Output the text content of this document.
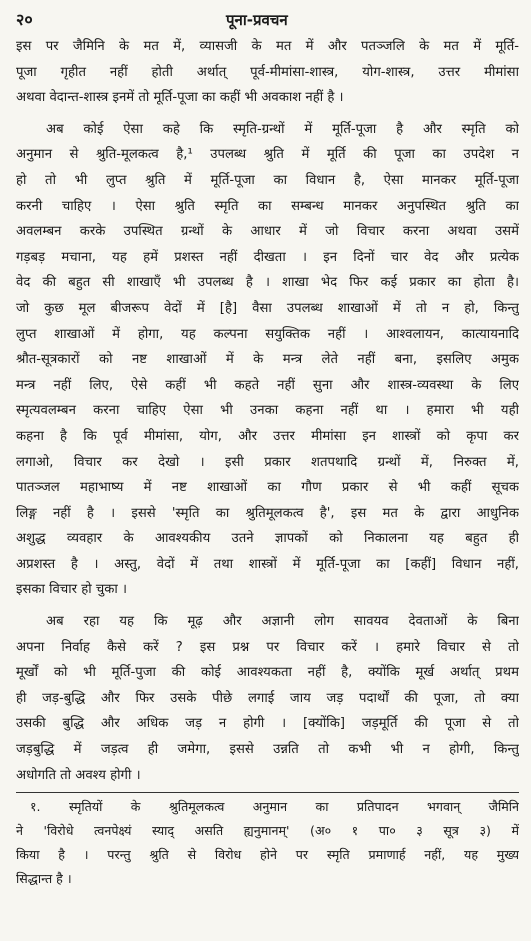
२०	पूना-प्रवचन
इस पर जैमिनि के मत में, व्यासजी के मत में और पतञ्जलि के मत में मूर्ति-
पूजा गृहीत नहीं होती अर्थात् पूर्व-मीमांसा-शास्त्र, योग-शास्त्र, उत्तर मीमांसा
अथवा वेदान्त-शास्त्र इनमें तो मूर्ति-पूजा का कहीं भी अवकाश नहीं है ।
अब कोई ऐसा कहे कि स्मृति-ग्रन्थों में मूर्ति-पूजा है और स्मृति को
अनुमान से श्रुति-मूलकत्व है,¹ उपलब्ध श्रुति में मूर्ति की पूजा का उपदेश न
हो तो भी लुप्त श्रुति में मूर्ति-पूजा का विधान है, ऐसा मानकर मूर्ति-पूजा
करनी चाहिए । ऐसा श्रुति स्मृति का सम्बन्ध मानकर अनुपस्थित श्रुति का
अवलम्बन करके उपस्थित ग्रन्थों के आधार में जो विचार करना अथवा उसमें
गड़बड़ मचाना, यह हमें प्रशस्त नहीं दीखता । इन दिनों चार वेद और प्रत्येक
वेद की बहुत सी शाखाएँ भी उपलब्ध है । शाखा भेद फिर कई प्रकार का होता है।
जो कुछ मूल बीजरूप वेदों में [है] वैसा उपलब्ध शाखाओं में तो न हो, किन्तु
लुप्त शाखाओं में होगा, यह कल्पना सयुक्तिक नहीं । आश्वलायन, कात्यायनादि
श्रौत-सूत्रकारों को नष्ट शाखाओं में के मन्त्र लेते नहीं बना, इसलिए अमुक
मन्त्र नहीं लिए, ऐसे कहीं भी कहते नहीं सुना और शास्त्र-व्यवस्था के लिए
स्मृत्यवलम्बन करना चाहिए ऐसा भी उनका कहना नहीं था । हमारा भी यही
कहना है कि पूर्व मीमांसा, योग, और उत्तर मीमांसा इन शास्त्रों को कृपा कर
लगाओ, विचार कर देखो । इसी प्रकार शतपथादि ग्रन्थों में, निरुक्त में,
पातञ्जल महाभाष्य में नष्ट शाखाओं का गौण प्रकार से भी कहीं सूचक
लिङ्ग नहीं है । इससे 'स्मृति का श्रुतिमूलकत्व है', इस मत के द्वारा आधुनिक
अशुद्ध व्यवहार के आवश्यकीय उतने ज्ञापकों को निकालना यह बहुत ही
अप्रशस्त है । अस्तु, वेदों में तथा शास्त्रों में मूर्ति-पूजा का [कहीं] विधान नहीं,
इसका विचार हो चुका ।
अब रहा यह कि मूढ़ और अज्ञानी लोग सावयव देवताओं के बिना
अपना निर्वाह कैसे करें ? इस प्रश्न पर विचार करें । हमारे विचार से तो
मूर्खों को भी मूर्ति-पुजा की कोई आवश्यकता नहीं है, क्योंकि मूर्ख अर्थात् प्रथम
ही जड़-बुद्धि और फिर उसके पीछे लगाई जाय जड़ पदार्थों की पूजा, तो क्या
उसकी बुद्धि और अधिक जड़ न होगी । [क्योंकि] जड़मूर्ति की पूजा से तो
जड़बुद्धि में जड़त्व ही जमेगा, इससे उन्नति तो कभी भी न होगी, किन्तु
अधोगति तो अवश्य होगी ।
१. स्मृतियों के श्रुतिमूलकत्व अनुमान का प्रतिपादन भगवान् जैमिनि
ने 'विरोधे त्वनपेक्ष्यं स्याद् असति ह्यनुमानम्' (अ० १ पा० ३ सूत्र ३) में
किया है । परन्तु श्रुति से विरोध होने पर स्मृति प्रमाणार्ह नहीं, यह मुख्य
सिद्धान्त है ।
